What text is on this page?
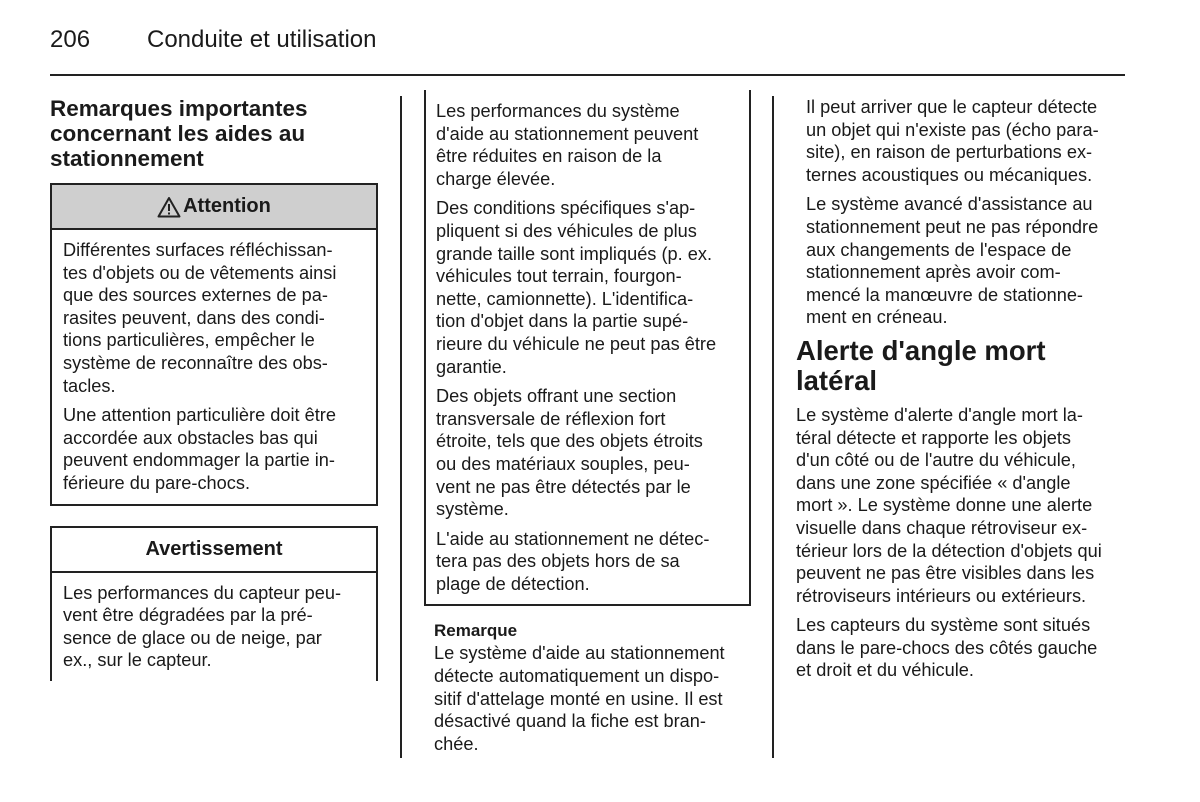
206 Conduite et utilisation
Remarques importantes
concernant les aides au
stationnement
Attention

Différentes surfaces réfléchissan-
tes d'objets ou de vêtements ainsi
que des sources externes de pa-
rasites peuvent, dans des condi-
tions particulières, empêcher le
système de reconnaître des obs-
tacles.

Une attention particulière doit être
accordée aux obstacles bas qui
peuvent endommager la partie in-
férieure du pare-chocs.

Avertissement

Les performances du capteur peu-
vent être dégradées par la pré-
sence de glace ou de neige, par
ex., sur le capteur.

Les performances du système
d'aide au stationnement peuvent
être réduites en raison de la
charge élevée.

Des conditions spécifiques s'ap-
pliquent si des véhicules de plus
grande taille sont impliqués (p. ex.
véhicules tout terrain, fourgon-
nette, camionnette). L'identifica-
tion d'objet dans la partie supé-
rieure du véhicule ne peut pas être
garantie.

Des objets offrant une section
transversale de réflexion fort
étroite, tels que des objets étroits
ou des matériaux souples, peu-
vent ne pas être détectés par le
système.

L'aide au stationnement ne détec-
tera pas des objets hors de sa
plage de détection.

Remarque

Le système d'aide au stationnement
détecte automatiquement un dispo-
sitif d'attelage monté en usine. Il est
désactivé quand la fiche est bran-
chée.

Il peut arriver que le capteur détecte
un objet qui n'existe pas (écho para-
site), en raison de perturbations ex-
ternes acoustiques ou mécaniques.

Le système avancé d'assistance au
stationnement peut ne pas répondre
aux changements de l'espace de
stationnement après avoir com-
mencé la manœuvre de stationne-
ment en créneau.

Alerte d'angle mort latéral

Le système d'alerte d'angle mort la-
téral détecte et rapporte les objets
d'un côté ou de l'autre du véhicule,
dans une zone spécifiée « d'angle
mort ». Le système donne une alerte
visuelle dans chaque rétroviseur ex-
térieur lors de la détection d'objets qui
peuvent ne pas être visibles dans les
rétroviseurs intérieurs ou extérieurs.

Les capteurs du système sont situés
dans le pare-chocs des côtés gauche
et droit et du véhicule.
